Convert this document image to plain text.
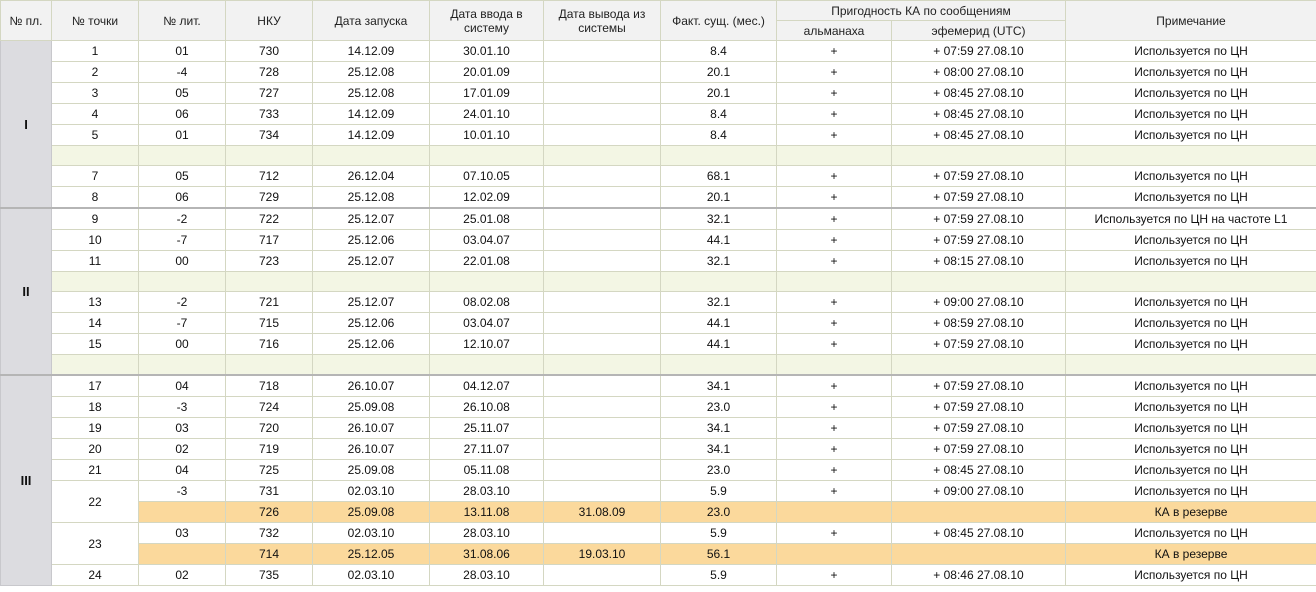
№ пл.	№ точки	№ лит.	НКУ	Дата запуска	Дата ввода в систему	Дата вывода из системы	Факт. сущ. (мес.)	Пригодность КА по сообщениям		Примечание
								альманаха	эфемерид (UTC)	
I	1	01	730	14.12.09	30.01.10		8.4	+	+ 07:59 27.08.10	Используется по ЦН
	2	-4	728	25.12.08	20.01.09		20.1	+	+ 08:00 27.08.10	Используется по ЦН
	3	05	727	25.12.08	17.01.09		20.1	+	+ 08:45 27.08.10	Используется по ЦН
	4	06	733	14.12.09	24.01.10		8.4	+	+ 08:45 27.08.10	Используется по ЦН
	5	01	734	14.12.09	10.01.10		8.4	+	+ 08:45 27.08.10	Используется по ЦН

	7	05	712	26.12.04	07.10.05		68.1	+	+ 07:59 27.08.10	Используется по ЦН
	8	06	729	25.12.08	12.02.09		20.1	+	+ 07:59 27.08.10	Используется по ЦН
II	9	-2	722	25.12.07	25.01.08		32.1	+	+ 07:59 27.08.10	Используется по ЦН на частоте L1
	10	-7	717	25.12.06	03.04.07		44.1	+	+ 07:59 27.08.10	Используется по ЦН
	11	00	723	25.12.07	22.01.08		32.1	+	+ 08:15 27.08.10	Используется по ЦН

	13	-2	721	25.12.07	08.02.08		32.1	+	+ 09:00 27.08.10	Используется по ЦН
	14	-7	715	25.12.06	03.04.07		44.1	+	+ 08:59 27.08.10	Используется по ЦН
	15	00	716	25.12.06	12.10.07		44.1	+	+ 07:59 27.08.10	Используется по ЦН

III	17	04	718	26.10.07	04.12.07		34.1	+	+ 07:59 27.08.10	Используется по ЦН
	18	-3	724	25.09.08	26.10.08		23.0	+	+ 07:59 27.08.10	Используется по ЦН
	19	03	720	26.10.07	25.11.07		34.1	+	+ 07:59 27.08.10	Используется по ЦН
	20	02	719	26.10.07	27.11.07		34.1	+	+ 07:59 27.08.10	Используется по ЦН
	21	04	725	25.09.08	05.11.08		23.0	+	+ 08:45 27.08.10	Используется по ЦН
	22	-3	731	02.03.10	28.03.10		5.9	+	+ 09:00 27.08.10	Используется по ЦН
			726	25.09.08	13.11.08	31.08.09	23.0			КА в резерве
	23	03	732	02.03.10	28.03.10		5.9	+	+ 08:45 27.08.10	Используется по ЦН
			714	25.12.05	31.08.06	19.03.10	56.1			КА в резерве
	24	02	735	02.03.10	28.03.10		5.9	+	+ 08:46 27.08.10	Используется по ЦН
